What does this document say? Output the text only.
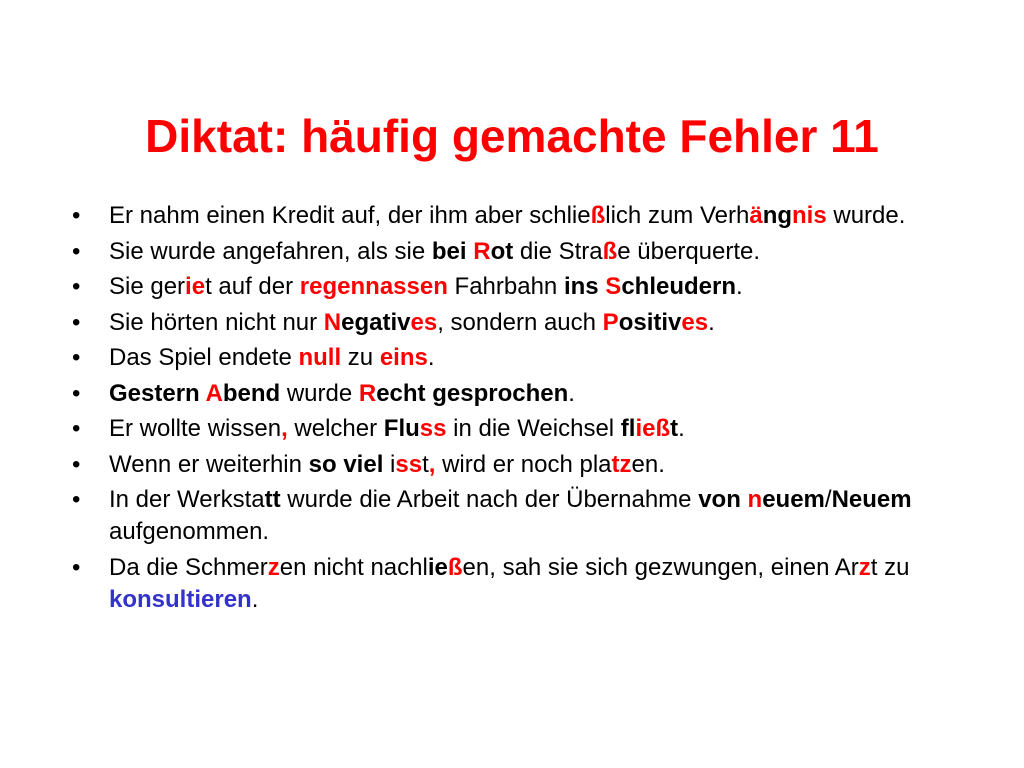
Diktat: häufig gemachte Fehler 11
• Er nahm einen Kredit auf, der ihm aber schließlich zum Verhängnis wurde.
• Sie wurde angefahren, als sie bei Rot die Straße überquerte.
• Sie geriet auf der regennassen Fahrbahn ins Schleudern.
• Sie hörten nicht nur Negatives, sondern auch Positives.
• Das Spiel endete null zu eins.
• Gestern Abend wurde Recht gesprochen.
• Er wollte wissen, welcher Fluss in die Weichsel fließt.
• Wenn er weiterhin so viel isst, wird er noch platzen.
• In der Werkstatt wurde die Arbeit nach der Übernahme von neuem/Neuem aufgenommen.
• Da die Schmerzen nicht nachließen, sah sie sich gezwungen, einen Arzt zu konsultieren.
